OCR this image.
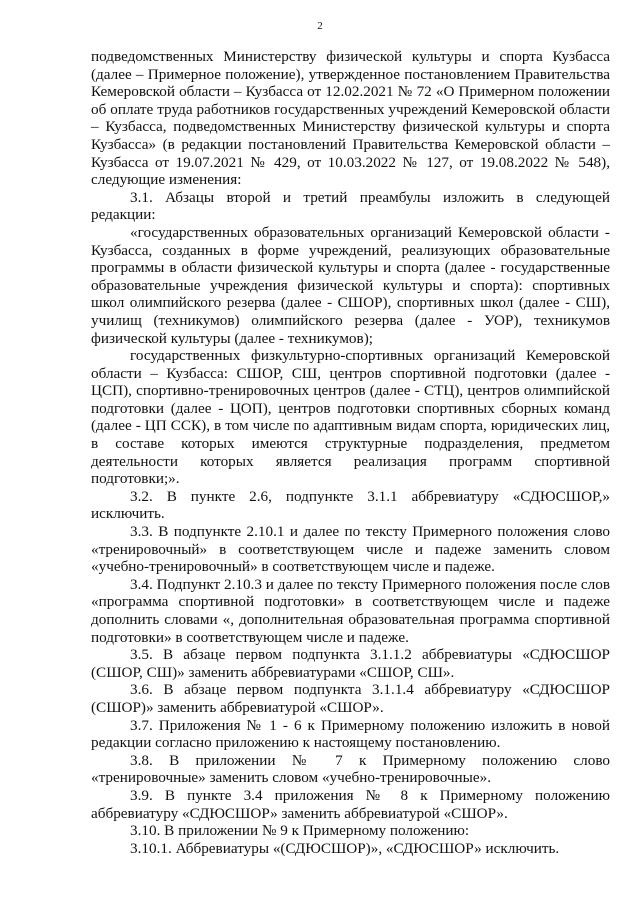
2

подведомственных Министерству физической культуры и спорта Кузбасса (далее – Примерное положение), утвержденное постановлением Правительства Кемеровской области – Кузбасса от 12.02.2021 № 72 «О Примерном положении об оплате труда работников государственных учреждений Кемеровской области – Кузбасса, подведомственных Министерству физической культуры и спорта Кузбасса» (в редакции постановлений Правительства Кемеровской области – Кузбасса от 19.07.2021 № 429, от 10.03.2022 № 127, от 19.08.2022 № 548), следующие изменения:

3.1. Абзацы второй и третий преамбулы изложить в следующей редакции:

«государственных образовательных организаций Кемеровской области - Кузбасса, созданных в форме учреждений, реализующих образовательные программы в области физической культуры и спорта (далее - государственные образовательные учреждения физической культуры и спорта): спортивных школ олимпийского резерва (далее - СШОР), спортивных школ (далее - СШ), училищ (техникумов) олимпийского резерва (далее - УОР), техникумов физической культуры (далее - техникумов);

государственных физкультурно-спортивных организаций Кемеровской области – Кузбасса: СШОР, СШ, центров спортивной подготовки (далее - ЦСП), спортивно-тренировочных центров (далее - СТЦ), центров олимпийской подготовки (далее - ЦОП), центров подготовки спортивных сборных команд (далее - ЦП ССК), в том числе по адаптивным видам спорта, юридических лиц, в составе которых имеются структурные подразделения, предметом деятельности которых является реализация программ спортивной подготовки;».

3.2. В пункте 2.6, подпункте 3.1.1 аббревиатуру «СДЮСШОР,» исключить.

3.3. В подпункте 2.10.1 и далее по тексту Примерного положения слово «тренировочный» в соответствующем числе и падеже заменить словом «учебно-тренировочный» в соответствующем числе и падеже.

3.4. Подпункт 2.10.3 и далее по тексту Примерного положения после слов «программа спортивной подготовки» в соответствующем числе и падеже дополнить словами «, дополнительная образовательная программа спортивной подготовки» в соответствующем числе и падеже.

3.5. В абзаце первом подпункта 3.1.1.2 аббревиатуры «СДЮСШОР (СШОР, СШ)» заменить аббревиатурами «СШОР, СШ».

3.6. В абзаце первом подпункта 3.1.1.4 аббревиатуру «СДЮСШОР (СШОР)» заменить аббревиатурой «СШОР».

3.7. Приложения № 1 - 6 к Примерному положению изложить в новой редакции согласно приложению к настоящему постановлению.

3.8. В приложении № 7 к Примерному положению слово «тренировочные» заменить словом «учебно-тренировочные».

3.9. В пункте 3.4 приложения № 8 к Примерному положению аббревиатуру «СДЮСШОР» заменить аббревиатурой «СШОР».

3.10. В приложении № 9 к Примерному положению:

3.10.1. Аббревиатуры «(СДЮСШОР)», «СДЮСШОР» исключить.
